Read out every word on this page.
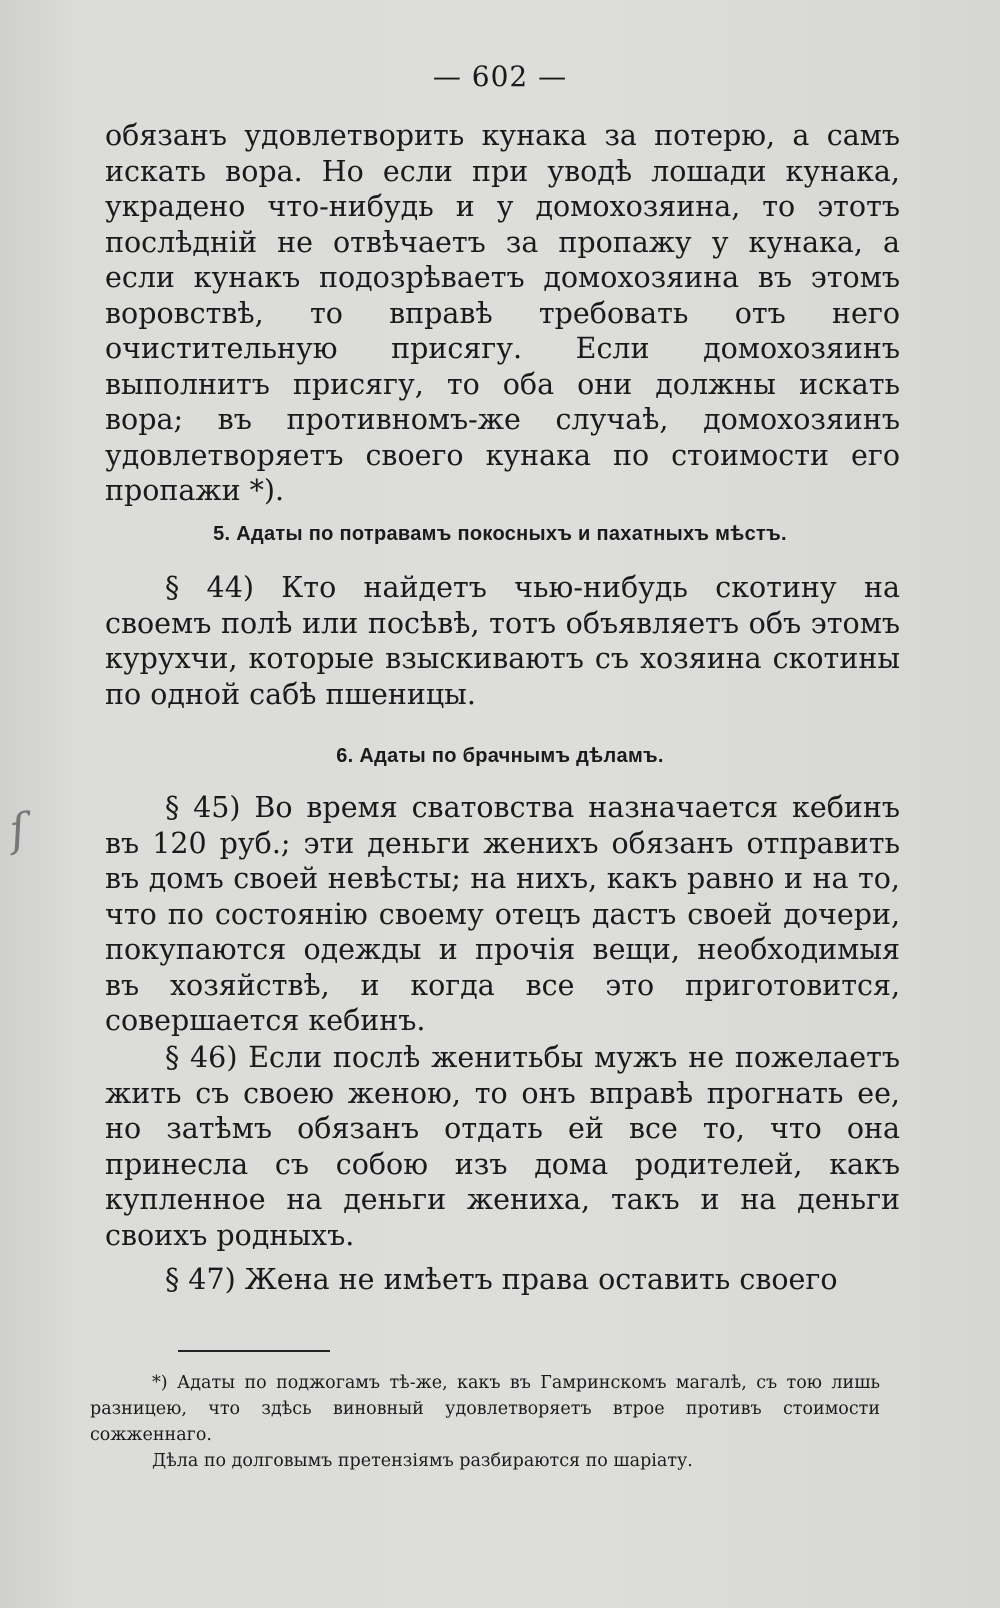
ſ
— 602 —

обязанъ удовлетворить кунака за потерю, а самъ искать вора. Но если при уводѣ лошади кунака, украдено что-нибудь и у домохозяина, то этотъ послѣдній не отвѣчаетъ за пропажу у кунака, а если кунакъ подозрѣваетъ домохозяина въ этомъ воровствѣ, то вправѣ требовать отъ него очистительную присягу. Если домохозяинъ выполнитъ присягу, то оба они должны искать вора; въ противномъ-же случаѣ, домохозяинъ удовлетворяетъ своего кунака по стоимости его пропажи *).

5. Адаты по потравамъ покосныхъ и пахатныхъ мѣстъ.

§ 44) Кто найдетъ чью-нибудь скотину на своемъ полѣ или посѣвѣ, тотъ объявляетъ объ этомъ курухчи, которые взыскиваютъ съ хозяина скотины по одной сабѣ пшеницы.

6. Адаты по брачнымъ дѣламъ.

§ 45) Во время сватовства назначается кебинъ въ 120 руб.; эти деньги женихъ обязанъ отправить въ домъ своей невѣсты; на нихъ, какъ равно и на то, что по состоянію своему отецъ дастъ своей дочери, покупаются одежды и прочія вещи, необходимыя въ хозяйствѣ, и когда все это приготовится, совершается кебинъ.

§ 46) Если послѣ женитьбы мужъ не пожелаетъ жить съ своею женою, то онъ вправѣ прогнать ее, но затѣмъ обязанъ отдать ей все то, что она принесла съ собою изъ дома родителей, какъ купленное на деньги жениха, такъ и на деньги своихъ родныхъ.

§ 47) Жена не имѣетъ права оставить своего

*) Адаты по поджогамъ тѣ-же, какъ въ Гамринскомъ магалѣ, съ тою лишь разницею, что здѣсь виновный удовлетворяетъ втрое противъ стоимости сожженнаго.

Дѣла по долговымъ претензіямъ разбираются по шаріату.
